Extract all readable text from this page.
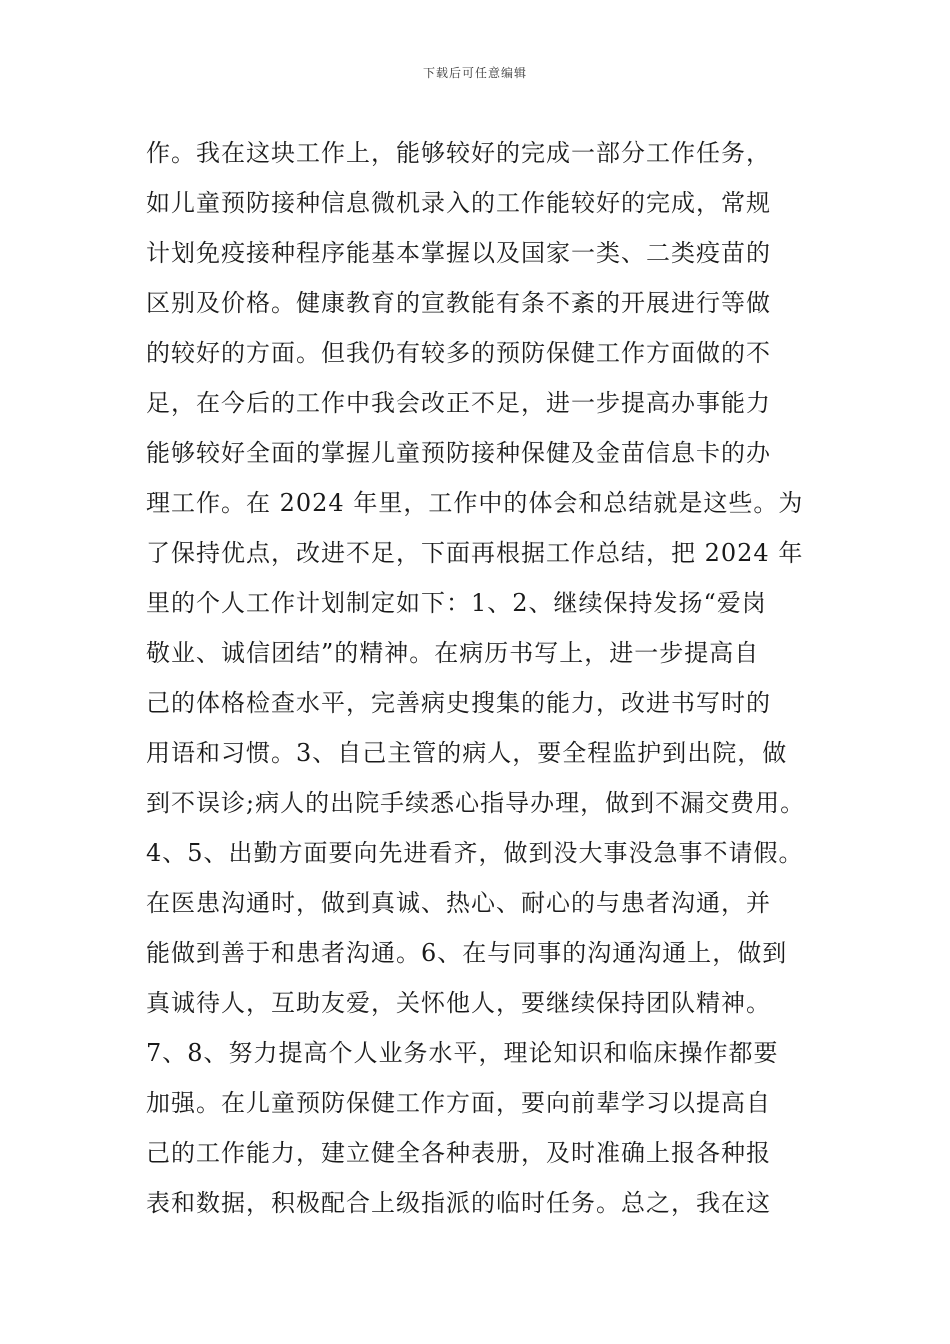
下载后可任意编辑
作。我在这块工作上，能够较好的完成一部分工作任务，
如儿童预防接种信息微机录入的工作能较好的完成，常规
计划免疫接种程序能基本掌握以及国家一类、二类疫苗的
区别及价格。健康教育的宣教能有条不紊的开展进行等做
的较好的方面。但我仍有较多的预防保健工作方面做的不
足，在今后的工作中我会改正不足，进一步提高办事能力
能够较好全面的掌握儿童预防接种保健及金苗信息卡的办
理工作。在 2024 年里，工作中的体会和总结就是这些。为
了保持优点，改进不足，下面再根据工作总结，把 2024 年
里的个人工作计划制定如下：1、2、继续保持发扬“爱岗
敬业、诚信团结”的精神。在病历书写上，进一步提高自
己的体格检查水平，完善病史搜集的能力，改进书写时的
用语和习惯。3、自己主管的病人，要全程监护到出院，做
到不误诊;病人的出院手续悉心指导办理，做到不漏交费用。
4、5、出勤方面要向先进看齐，做到没大事没急事不请假。
在医患沟通时，做到真诚、热心、耐心的与患者沟通，并
能做到善于和患者沟通。6、在与同事的沟通沟通上，做到
真诚待人，互助友爱，关怀他人，要继续保持团队精神。
7、8、努力提高个人业务水平，理论知识和临床操作都要
加强。在儿童预防保健工作方面，要向前辈学习以提高自
己的工作能力，建立健全各种表册，及时准确上报各种报
表和数据，积极配合上级指派的临时任务。总之，我在这
